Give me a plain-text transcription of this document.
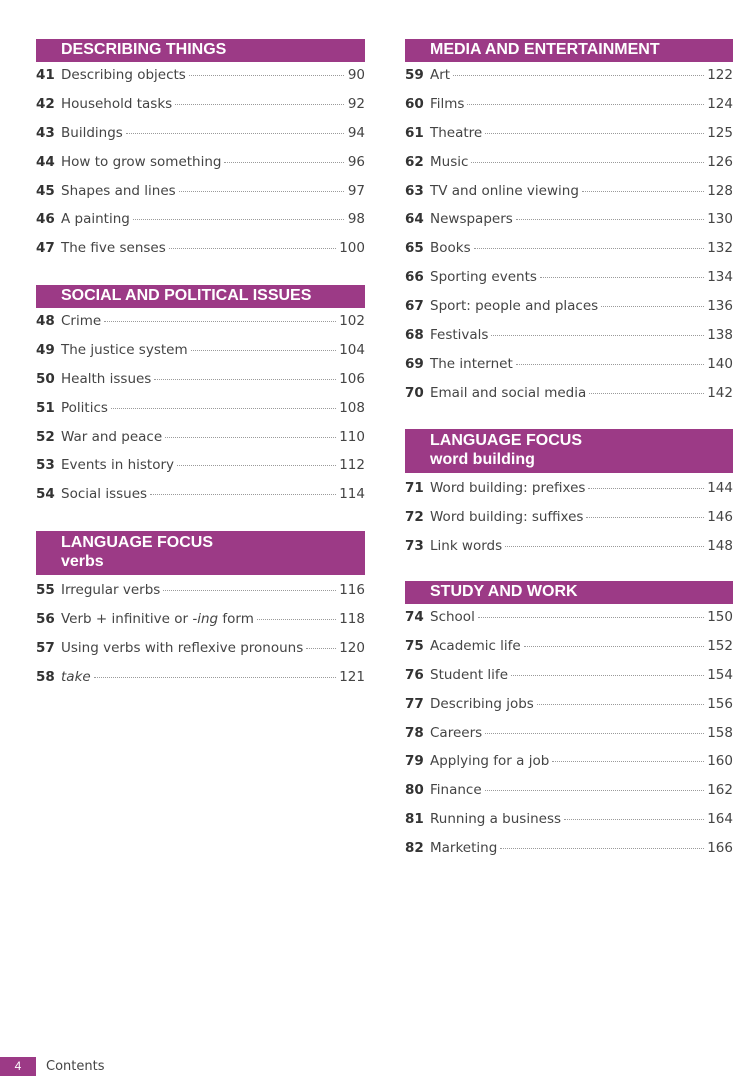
DESCRIBING THINGS
41 Describing objects	90
42 Household tasks	92
43 Buildings	94
44 How to grow something	96
45 Shapes and lines	97
46 A painting	98
47 The five senses	100
SOCIAL AND POLITICAL ISSUES
48 Crime	102
49 The justice system	104
50 Health issues	106
51 Politics	108
52 War and peace	110
53 Events in history	112
54 Social issues	114
LANGUAGE FOCUS
verbs
55 Irregular verbs	116
56 Verb + infinitive or -ing form	118
57 Using verbs with reflexive pronouns	120
58 take	121
MEDIA AND ENTERTAINMENT
59 Art	122
60 Films	124
61 Theatre	125
62 Music	126
63 TV and online viewing	128
64 Newspapers	130
65 Books	132
66 Sporting events	134
67 Sport: people and places	136
68 Festivals	138
69 The internet	140
70 Email and social media	142
LANGUAGE FOCUS
word building
71 Word building: prefixes	144
72 Word building: suffixes	146
73 Link words	148
STUDY AND WORK
74 School	150
75 Academic life	152
76 Student life	154
77 Describing jobs	156
78 Careers	158
79 Applying for a job	160
80 Finance	162
81 Running a business	164
82 Marketing	166
4	Contents
